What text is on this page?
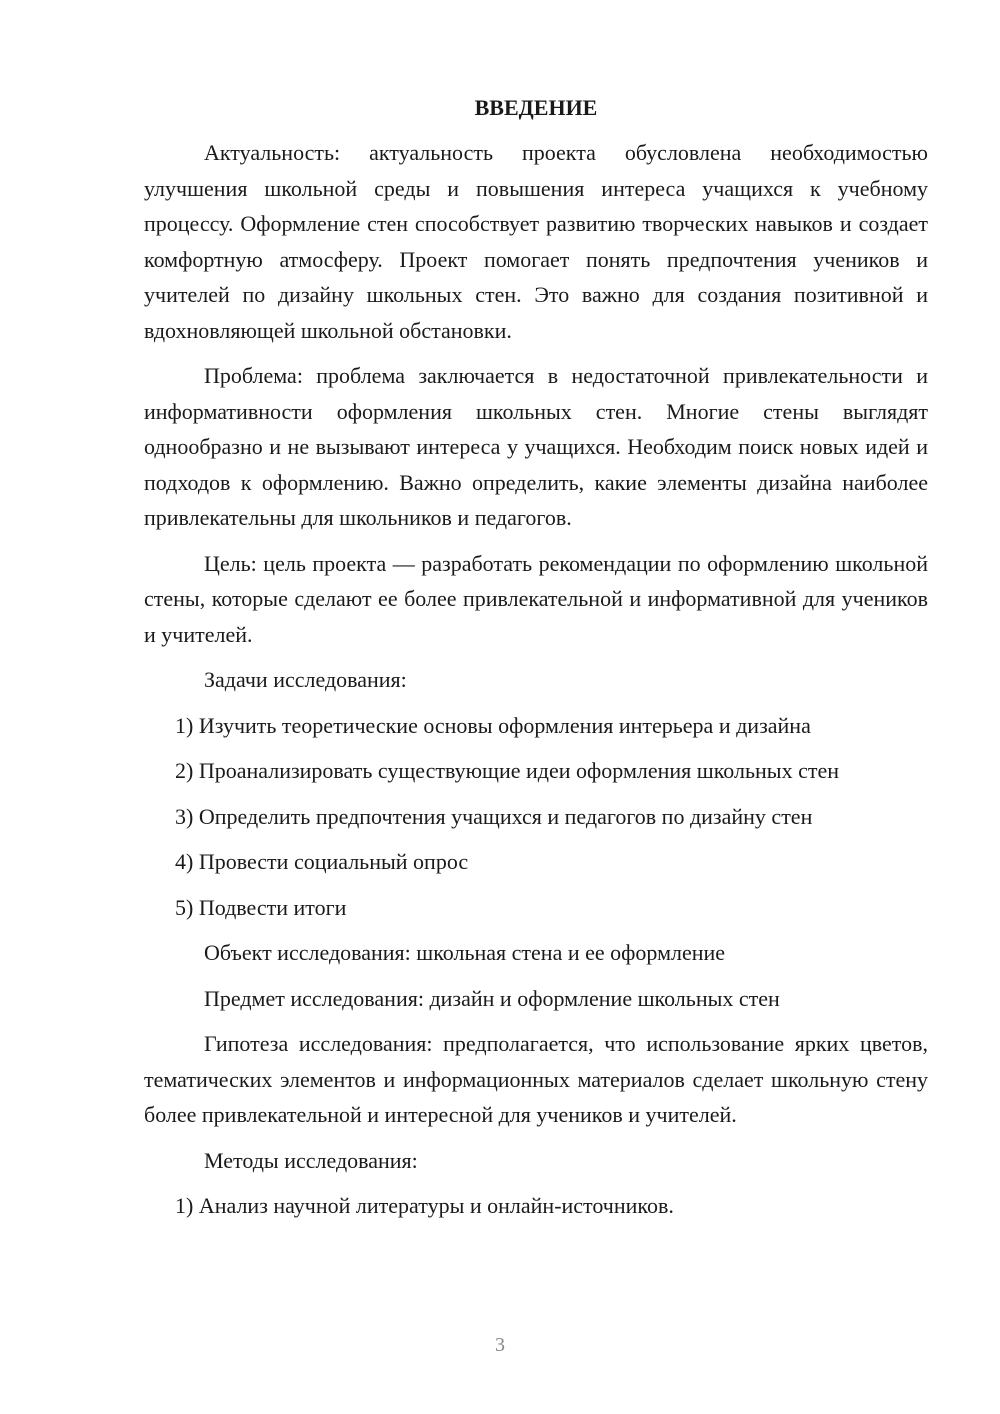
ВВЕДЕНИЕ

Актуальность: актуальность проекта обусловлена необходимостью улучшения школьной среды и повышения интереса учащихся к учебному процессу. Оформление стен способствует развитию творческих навыков и создает комфортную атмосферу. Проект помогает понять предпочтения учеников и учителей по дизайну школьных стен. Это важно для создания позитивной и вдохновляющей школьной обстановки.

Проблема: проблема заключается в недостаточной привлекательности и информативности оформления школьных стен. Многие стены выглядят однообразно и не вызывают интереса у учащихся. Необходим поиск новых идей и подходов к оформлению. Важно определить, какие элементы дизайна наиболее привлекательны для школьников и педагогов.

Цель: цель проекта — разработать рекомендации по оформлению школьной стены, которые сделают ее более привлекательной и информативной для учеников и учителей.

Задачи исследования:
1) Изучить теоретические основы оформления интерьера и дизайна
2) Проанализировать существующие идеи оформления школьных стен
3) Определить предпочтения учащихся и педагогов по дизайну стен
4) Провести социальный опрос
5) Подвести итоги
Объект исследования: школьная стена и ее оформление
Предмет исследования: дизайн и оформление школьных стен

Гипотеза исследования: предполагается, что использование ярких цветов, тематических элементов и информационных материалов сделает школьную стену более привлекательной и интересной для учеников и учителей.

Методы исследования:
1) Анализ научной литературы и онлайн-источников.
3
